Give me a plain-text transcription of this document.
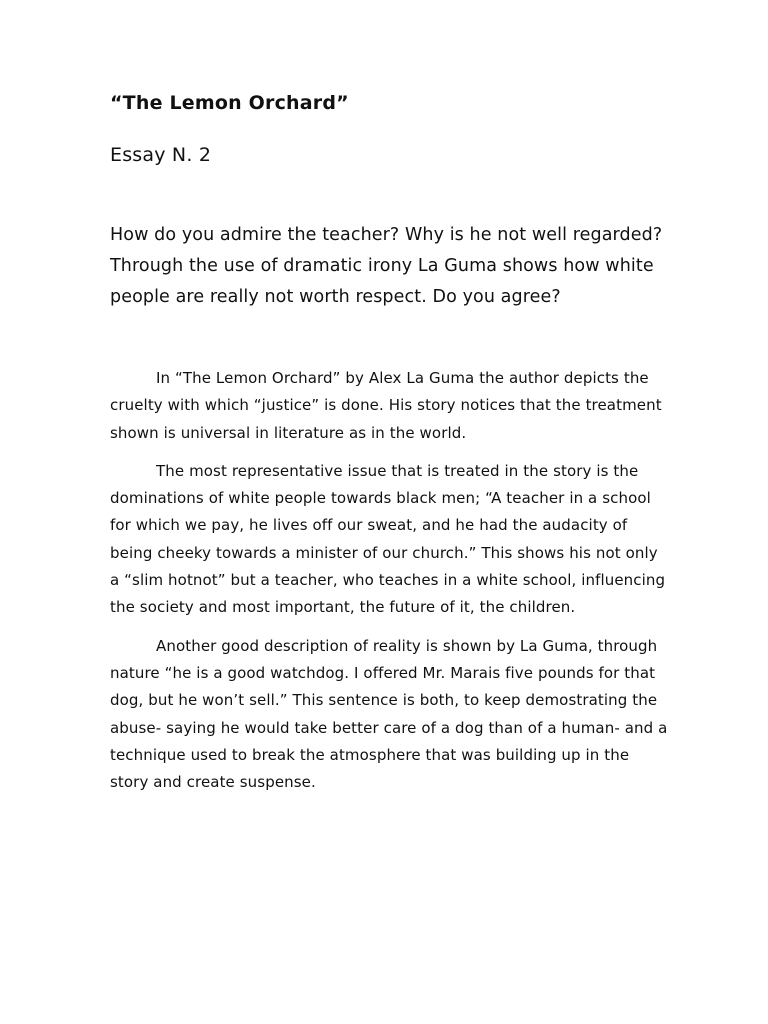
“The Lemon Orchard”
Essay N. 2

How do you admire the teacher? Why is he not well regarded? Through the use of dramatic irony La Guma shows how white people are really not worth respect. Do you agree?

In “The Lemon Orchard” by Alex La Guma the author depicts the cruelty with which “justice” is done. His story notices that the treatment shown is universal in literature as in the world.

The most representative issue that is treated in the story is the dominations of white people towards black men; “A teacher in a school for which we pay, he lives off our sweat, and he had the audacity of being cheeky towards a minister of our church.” This shows his not only a “slim hotnot” but a teacher, who teaches in a white school, influencing the society and most important, the future of it, the children.

Another good description of reality is shown by La Guma, through nature “he is a good watchdog. I offered Mr. Marais five pounds for that dog, but he won’t sell.” This sentence is both, to keep demostrating the abuse- saying he would take better care of a dog than of a human- and a technique used to break the atmosphere that was building up in the story and create suspense.
